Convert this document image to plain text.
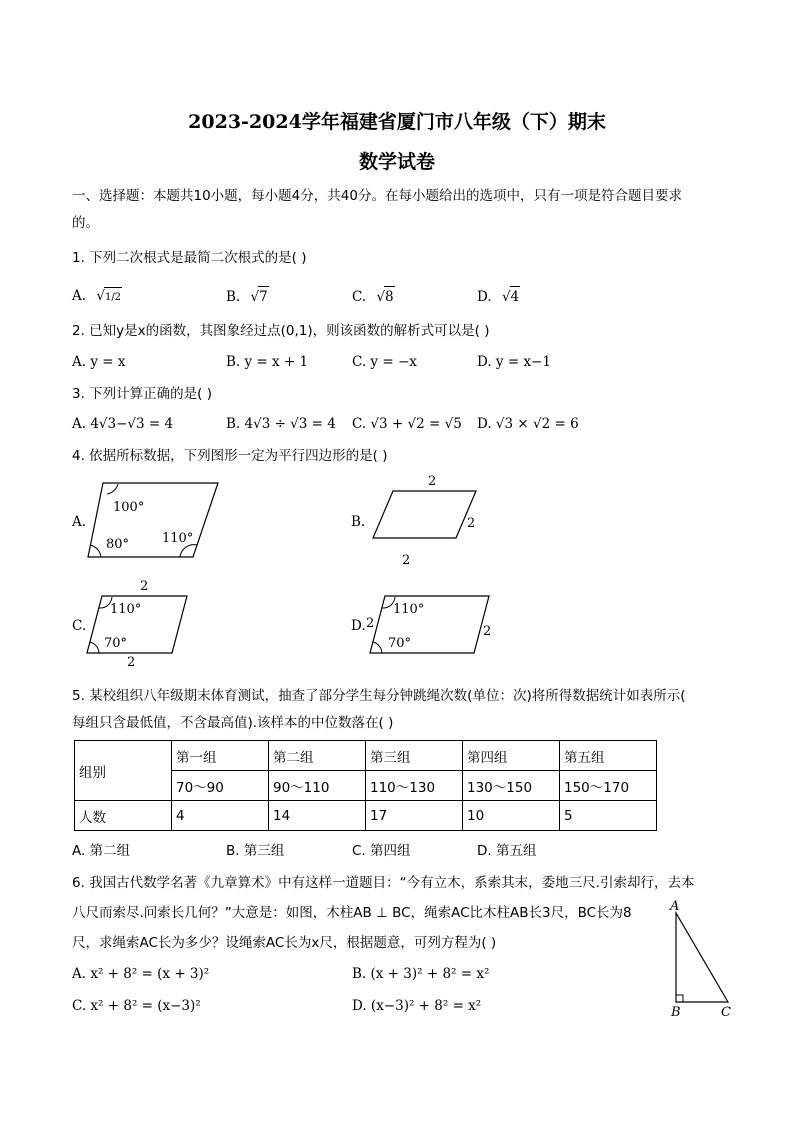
2023-2024学年福建省厦门市八年级（下）期末
数学试卷
一、选择题：本题共10小题，每小题4分，共40分。在每小题给出的选项中，只有一项是符合题目要求
的。
1. 下列二次根式是最简二次根式的是( )
A. √1/2	B. √7	C. √8	D. √4
2. 已知y是x的函数，其图象经过点(0,1)，则该函数的解析式可以是( )
A. y = x	B. y = x + 1	C. y = −x	D. y = x−1
3. 下列计算正确的是( )
A. 4√3−√3 = 4	B. 4√3 ÷ √3 = 4 C. √3 + √2 = √5 D. √3 × √2 = 6
4. 依据所标数据，下列图形一定为平行四边形的是( )
A.
100°
110°
80°
B.
2
2
2
C.
2
110°
70°
2
D. 2
110°
70°
2
5. 某校组织八年级期末体育测试，抽查了部分学生每分钟跳绳次数(单位：次)将所得数据统计如表所示(
每组只含最低值，不含最高值).该样本的中位数落在( )
组别	第一组	第二组	第三组	第四组	第五组
	70～90	90～110	110～130	130～150	150～170
人数	4	14	17	10	5
A. 第二组	B. 第三组	C. 第四组	D. 第五组
6. 我国古代数学名著《九章算术》中有这样一道题目：“今有立木，系索其末，委地三尺.引索却行，去本
八尺而索尽.问索长几何？”大意是：如图，木柱AB ⊥ BC，绳索AC比木柱AB长3尺，BC长为8
尺，求绳索AC长为多少？设绳索AC长为x尺，根据题意，可列方程为( )
A. x² + 8² = (x + 3)²	B. (x + 3)² + 8² = x²
C. x² + 8² = (x−3)²	D. (x−3)² + 8² = x²
A
B	C
